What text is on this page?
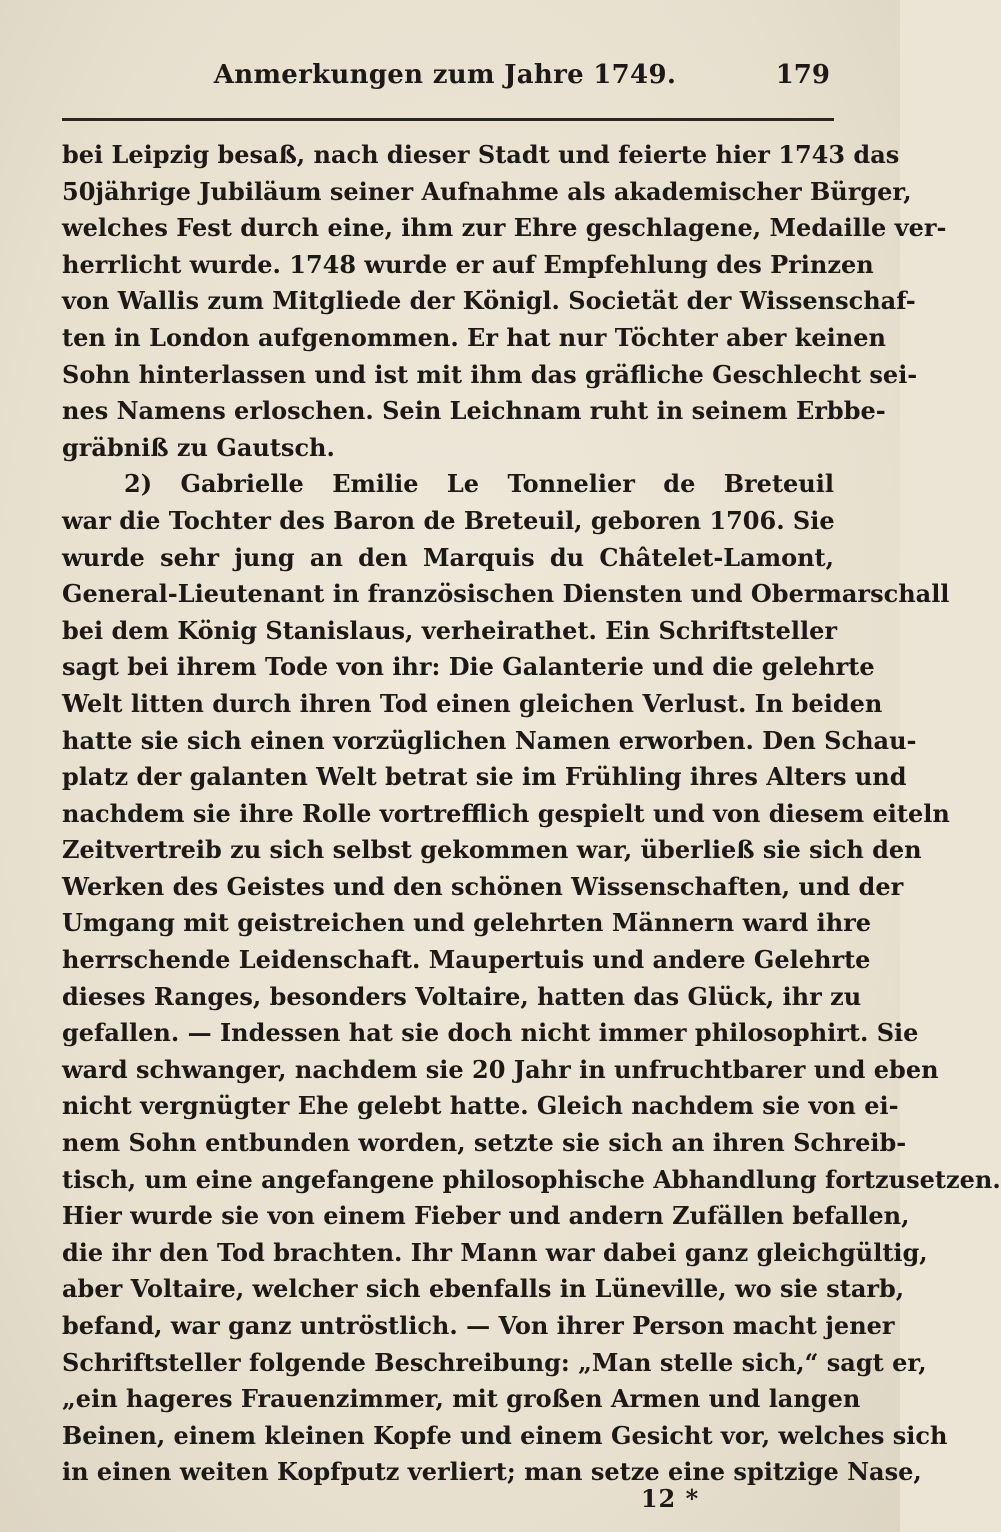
Anmerkungen zum Jahre 1749.	179
bei Leipzig besaß, nach dieser Stadt und feierte hier 1743 das
50jährige Jubiläum seiner Aufnahme als akademischer Bürger,
welches Fest durch eine, ihm zur Ehre geschlagene, Medaille ver-
herrlicht wurde. 1748 wurde er auf Empfehlung des Prinzen
von Wallis zum Mitgliede der Königl. Societät der Wissenschaf-
ten in London aufgenommen. Er hat nur Töchter aber keinen
Sohn hinterlassen und ist mit ihm das gräfliche Geschlecht sei-
nes Namens erloschen. Sein Leichnam ruht in seinem Erbbe-
gräbniß zu Gautsch.
2) Gabrielle Emilie Le Tonnelier de Breteuil
war die Tochter des Baron de Breteuil, geboren 1706. Sie
wurde sehr jung an den Marquis du Châtelet-Lamont,
General-Lieutenant in französischen Diensten und Obermarschall
bei dem König Stanislaus, verheirathet. Ein Schriftsteller
sagt bei ihrem Tode von ihr: Die Galanterie und die gelehrte
Welt litten durch ihren Tod einen gleichen Verlust. In beiden
hatte sie sich einen vorzüglichen Namen erworben. Den Schau-
platz der galanten Welt betrat sie im Frühling ihres Alters und
nachdem sie ihre Rolle vortrefflich gespielt und von diesem eiteln
Zeitvertreib zu sich selbst gekommen war, überließ sie sich den
Werken des Geistes und den schönen Wissenschaften, und der
Umgang mit geistreichen und gelehrten Männern ward ihre
herrschende Leidenschaft. Maupertuis und andere Gelehrte
dieses Ranges, besonders Voltaire, hatten das Glück, ihr zu
gefallen. — Indessen hat sie doch nicht immer philosophirt. Sie
ward schwanger, nachdem sie 20 Jahr in unfruchtbarer und eben
nicht vergnügter Ehe gelebt hatte. Gleich nachdem sie von ei-
nem Sohn entbunden worden, setzte sie sich an ihren Schreib-
tisch, um eine angefangene philosophische Abhandlung fortzusetzen.
Hier wurde sie von einem Fieber und andern Zufällen befallen,
die ihr den Tod brachten. Ihr Mann war dabei ganz gleichgültig,
aber Voltaire, welcher sich ebenfalls in Lüneville, wo sie starb,
befand, war ganz untröstlich. — Von ihrer Person macht jener
Schriftsteller folgende Beschreibung: „Man stelle sich,“ sagt er,
„ein hageres Frauenzimmer, mit großen Armen und langen
Beinen, einem kleinen Kopfe und einem Gesicht vor, welches sich
in einen weiten Kopfputz verliert; man setze eine spitzige Nase,
12 *
